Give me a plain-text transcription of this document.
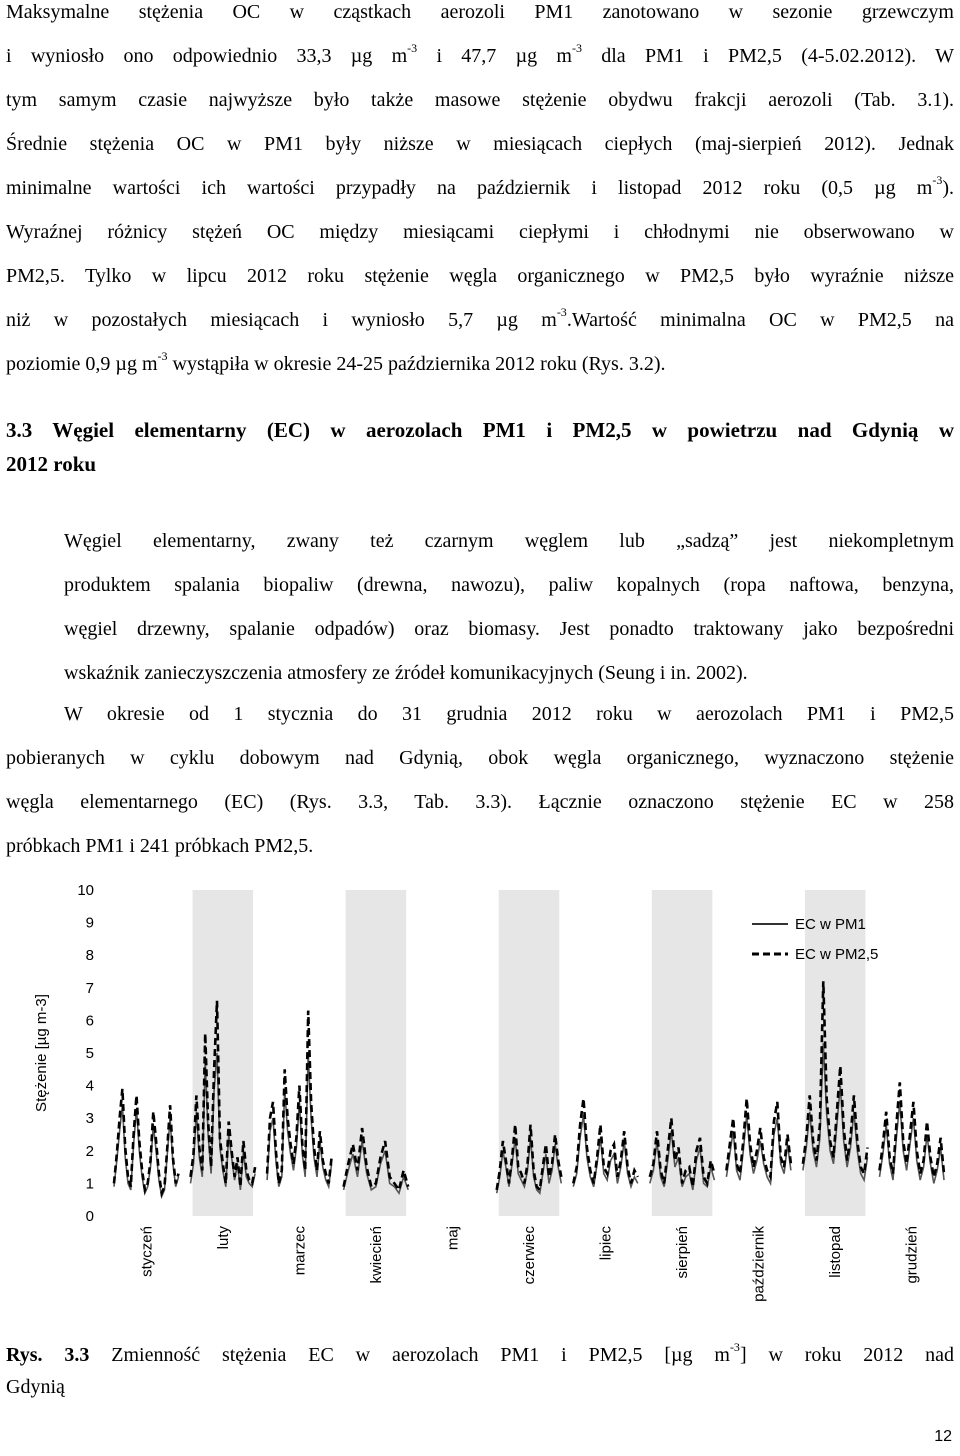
Maksymalne stężenia OC w cząstkach aerozoli PM1 zanotowano w sezonie grzewczym
i wyniosło ono odpowiednio 33,3 µg $m^{-3}$ i 47,7 µg $m^{-3}$ dla PM1 i PM2,5 (4-5.02.2012). W
tym samym czasie najwyższe było także masowe stężenie obydwu frakcji aerozoli (Tab. 3.1).
Średnie stężenia OC w PM1 były niższe w miesiącach ciepłych (maj-sierpień 2012). Jednak
minimalne wartości ich wartości przypadły na październik i listopad 2012 roku (0,5 µg $m^{-3}$).
Wyraźnej różnicy stężeń OC między miesiącami ciepłymi i chłodnymi nie obserwowano w
PM2,5. Tylko w lipcu 2012 roku stężenie węgla organicznego w PM2,5 było wyraźnie niższe
niż w pozostałych miesiącach i wyniosło 5,7 µg $m^{-3}.Wartość$ minimalna OC w PM2,5 na
poziomie 0,9 µg $m^{-3}$ wystąpiła w okresie 24-25 października 2012 roku (Rys. 3.2).
3.3 Węgiel elementarny (EC) w aerozolach PM1 i PM2,5 w powietrzu nad Gdynią w
2012 roku
Węgiel elementarny, zwany też czarnym węglem lub „sadzą” jest niekompletnym
produktem spalania biopaliw (drewna, nawozu), paliw kopalnych (ropa naftowa, benzyna,
węgiel drzewny, spalanie odpadów) oraz biomasy. Jest ponadto traktowany jako bezpośredni
wskaźnik zanieczyszczenia atmosfery ze źródeł komunikacyjnych (Seung i in. 2002).
W okresie od 1 stycznia do 31 grudnia 2012 roku w aerozolach PM1 i PM2,5
pobieranych w cyklu dobowym nad Gdynią, obok węgla organicznego, wyznaczono stężenie
węgla elementarnego (EC) (Rys. 3.3, Tab. 3.3). Łącznie oznaczono stężenie EC w 258
próbkach PM1 i 241 próbkach PM2,5.
0
1
2
3
4
5
6
7
8
9
10
Stężenie [µg m-3]
styczeń	luty	marzec	kwiecień	maj	czerwiec	lipiec	sierpień	październik	listopad	grudzień
EC w PM1
EC w PM2,5
Rys. 3.3 Zmienność stężenia EC w aerozolach PM1 i PM2,5 [µg $m^{-3}$] w roku 2012 nad
Gdynią
12
